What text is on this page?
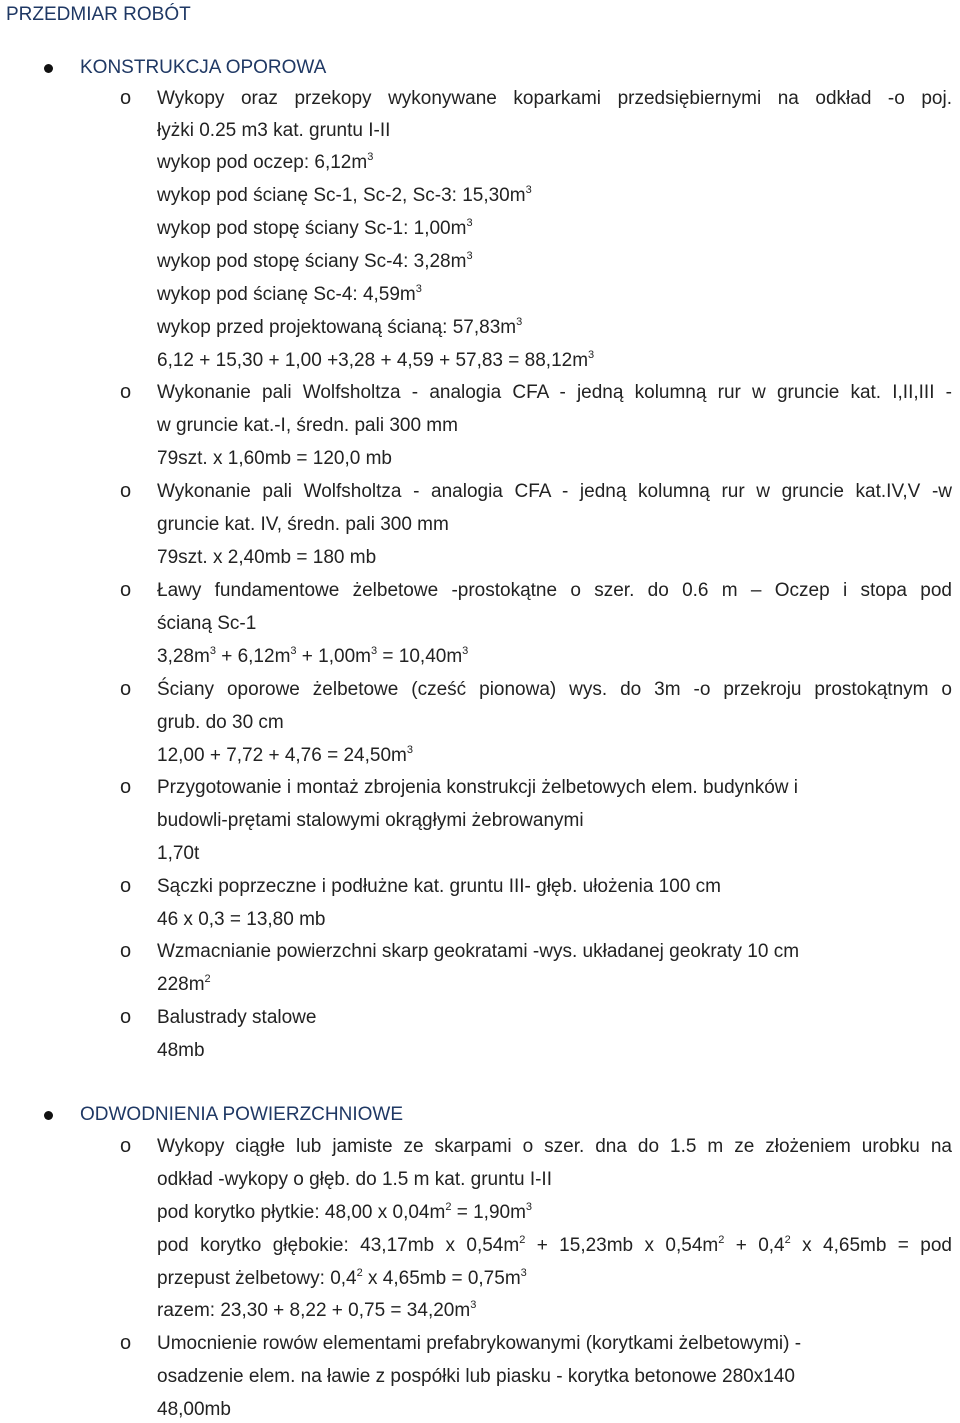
PRZEDMIAR ROBÓT
KONSTRUKCJA OPOROWA
o Wykopy oraz przekopy wykonywane koparkami przedsiębiernymi na odkład -o poj.
łyżki 0.25 m3 kat. gruntu I-II
wykop pod oczep: $6,12m^3$
wykop pod ścianę Sc-1, Sc-2, Sc-3: $15,30m^3$
wykop pod stopę ściany Sc-1: $1,00m^3$
wykop pod stopę ściany Sc-4: $3,28m^3$
wykop pod ścianę Sc-4: $4,59m^3$
wykop przed projektowaną ścianą: $57,83m^3$
$6,12 + 15,30 + 1,00 +3,28 + 4,59 + 57,83 = 88,12m^3$
o Wykonanie pali Wolfsholtza - analogia CFA - jedną kolumną rur w gruncie kat. I,II,III -
w gruncie kat.-I, średn. pali 300 mm
79szt. x 1,60mb = 120,0 mb
o Wykonanie pali Wolfsholtza - analogia CFA - jedną kolumną rur w gruncie kat.IV,V -w
gruncie kat. IV, średn. pali 300 mm
79szt. x 2,40mb = 180 mb
o Ławy fundamentowe żelbetowe -prostokątne o szer. do 0.6 m – Oczep i stopa pod
ścianą Sc-1
$3,28m^3 + 6,12m^3 + 1,00m^3 = 10,40m^3$
o Ściany oporowe żelbetowe (cześć pionowa) wys. do 3m -o przekroju prostokątnym o
grub. do 30 cm
$12,00 + 7,72 + 4,76 = 24,50m^3$
o Przygotowanie i montaż zbrojenia konstrukcji żelbetowych elem. budynków i
budowli-prętami stalowymi okrągłymi żebrowanymi
1,70t
o Sączki poprzeczne i podłużne kat. gruntu III- głęb. ułożenia 100 cm
46 x 0,3 = 13,80 mb
o Wzmacnianie powierzchni skarp geokratami -wys. układanej geokraty 10 cm
$228m^2$
o Balustrady stalowe
48mb
ODWODNIENIA POWIERZCHNIOWE
o Wykopy ciągłe lub jamiste ze skarpami o szer. dna do 1.5 m ze złożeniem urobku na
odkład -wykopy o głęb. do 1.5 m kat. gruntu I-II
pod korytko płytkie: 48,00 x $0,04m^2 = 1,90m^3$
pod korytko głębokie: 43,17mb x $0,54m^2 + 15,23mb$ x $0,54m^2 + 0,4^2$ x 4,65mb = pod
przepust żelbetowy: $0,4^2$ x $4,65mb = 0,75m^3$
razem: $23,30 + 8,22 + 0,75 = 34,20m^3$
o Umocnienie rowów elementami prefabrykowanymi (korytkami żelbetowymi) -
osadzenie elem. na ławie z pospółki lub piasku - korytka betonowe 280x140
48,00mb
